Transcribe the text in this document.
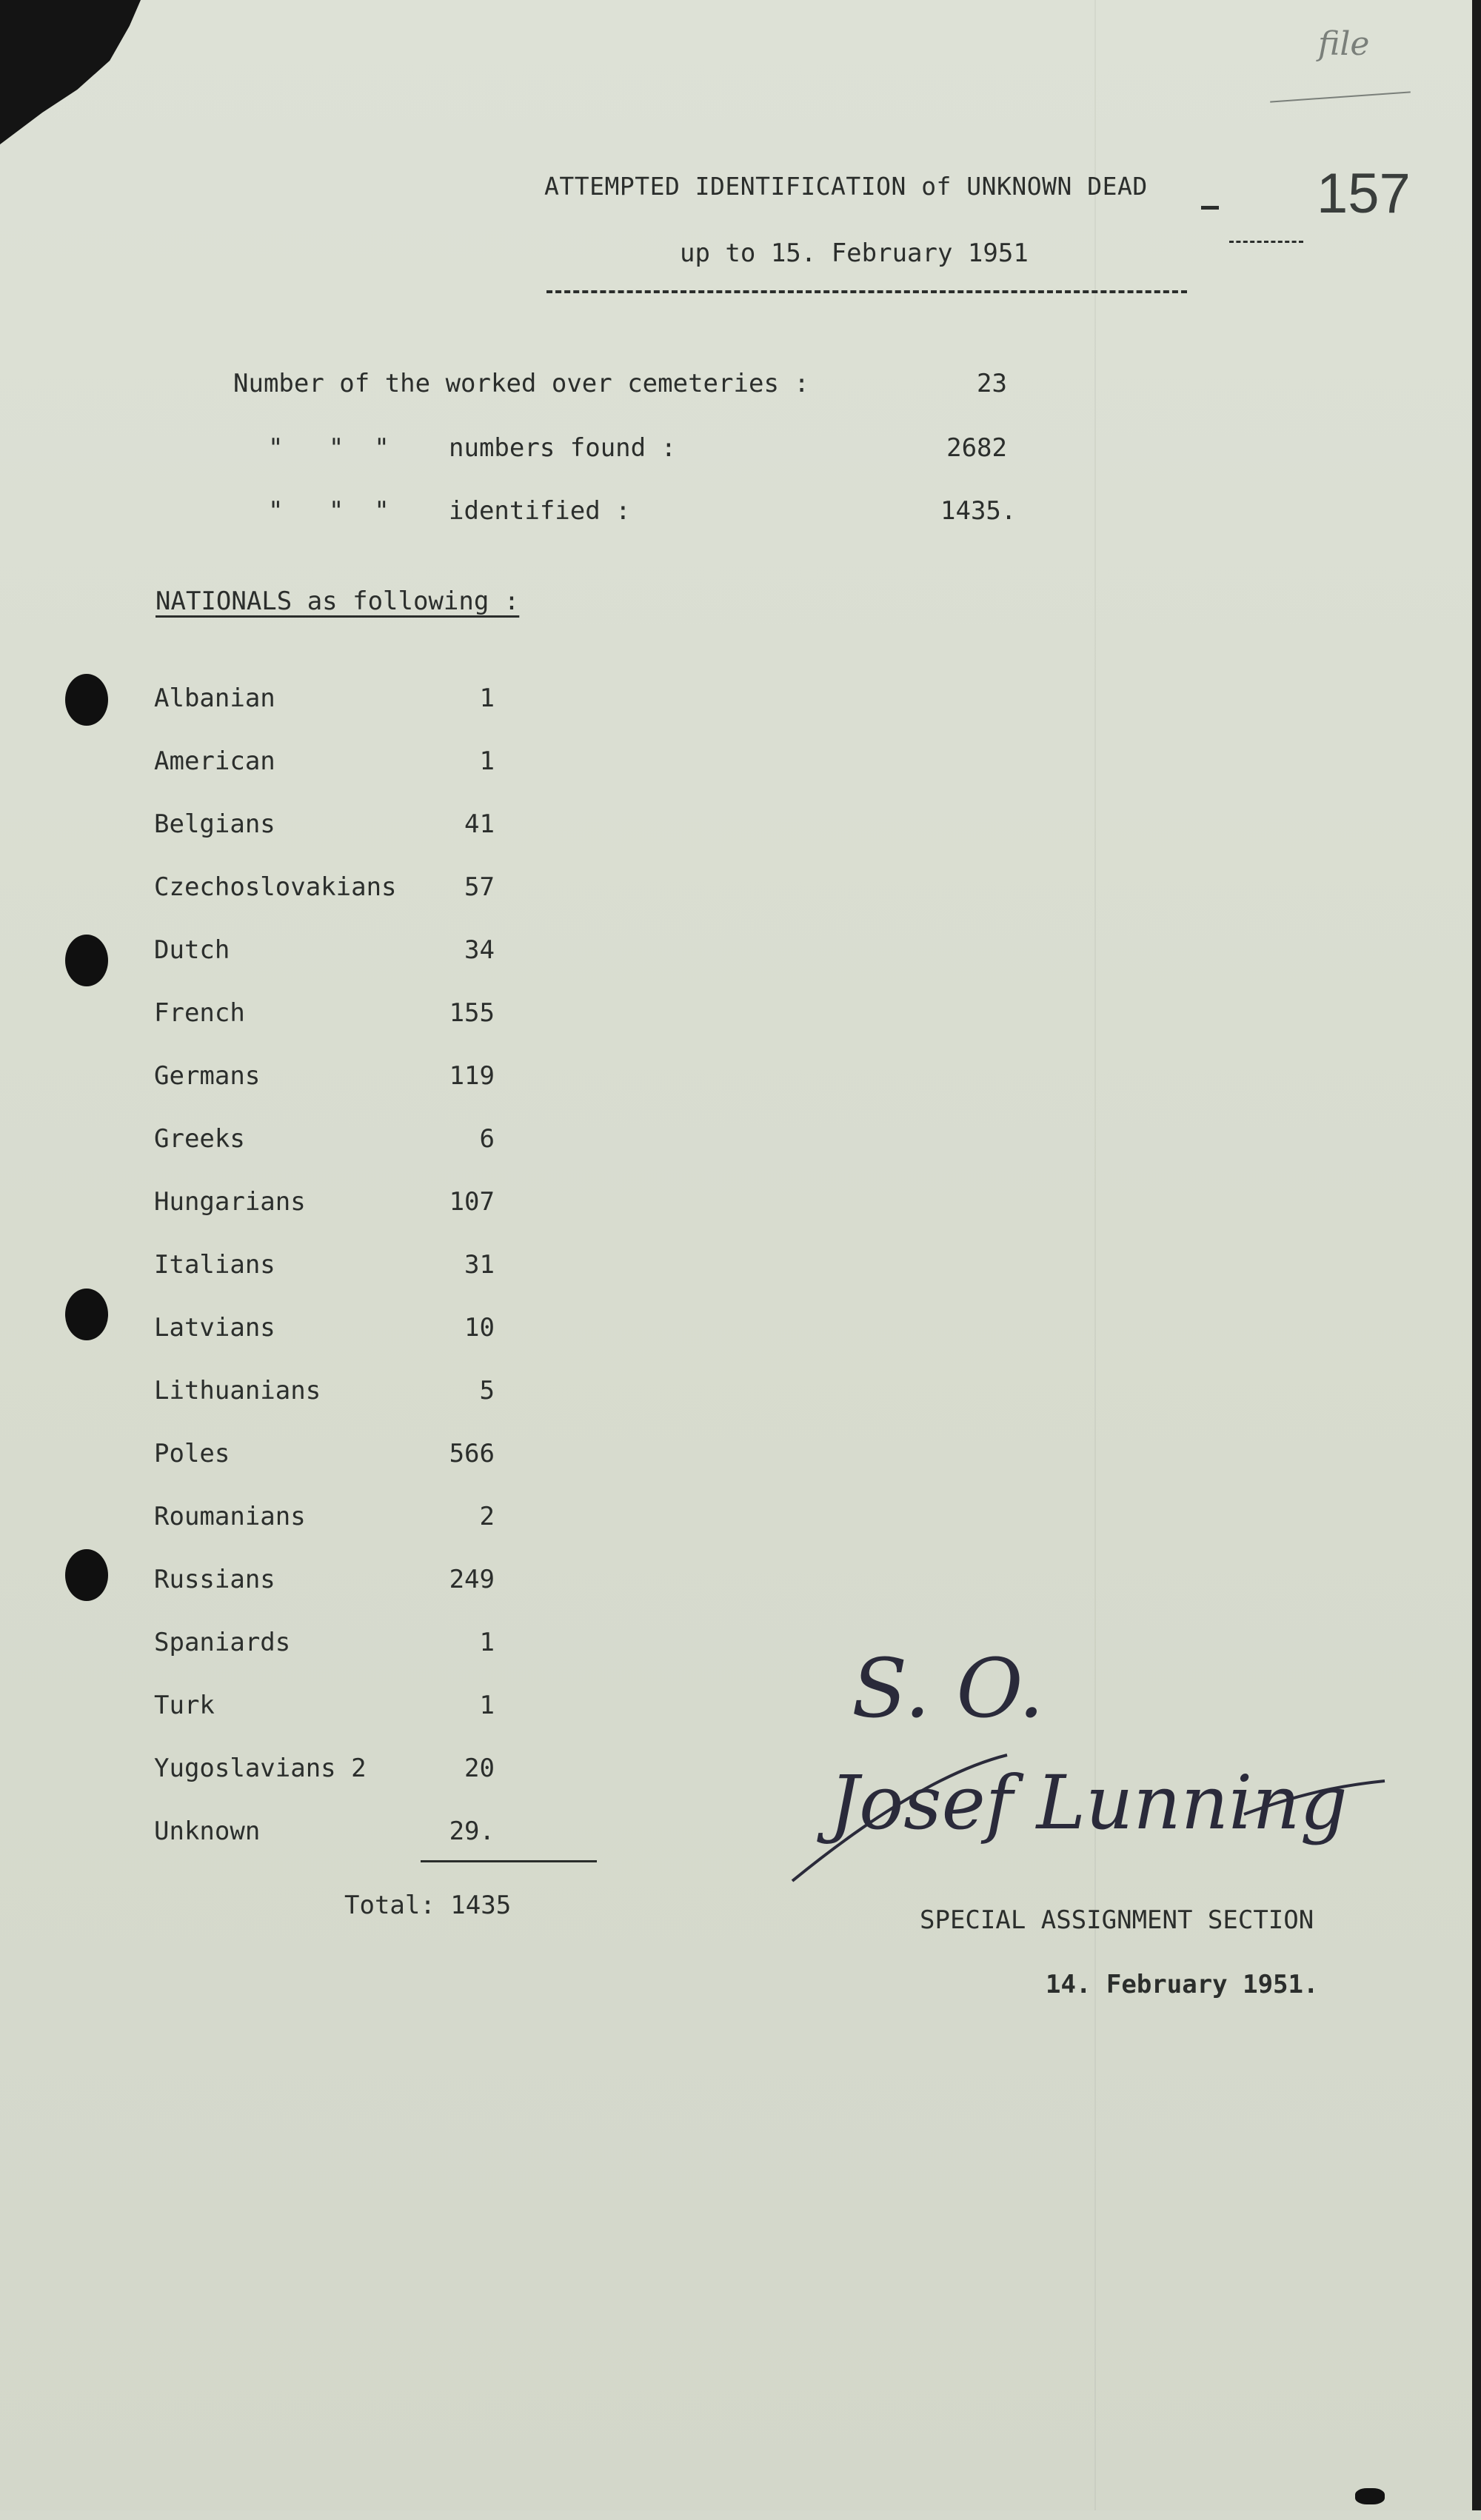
file
ATTEMPTED IDENTIFICATION of UNKNOWN DEAD	157
up to 15. February 1951
Number of the worked over cemeteries :	23
"   "  " numbers found :	2682
"   "  " identified :	1435.
NATIONALS as following :
Albanian	1
American	1
Belgians	41
Czechoslovakians	57
Dutch	34
French	155
Germans	119
Greeks	6
Hungarians	107
Italians	31
Latvians	10
Lithuanians	5
Poles	566
Roumanians	2
Russians	249
Spaniards	1
Turk	1
Yugoslavians 2	20
Unknown	29.
Total: 1435
S. O.
Josef Lunning
SPECIAL ASSIGNMENT SECTION
14. February 1951.
